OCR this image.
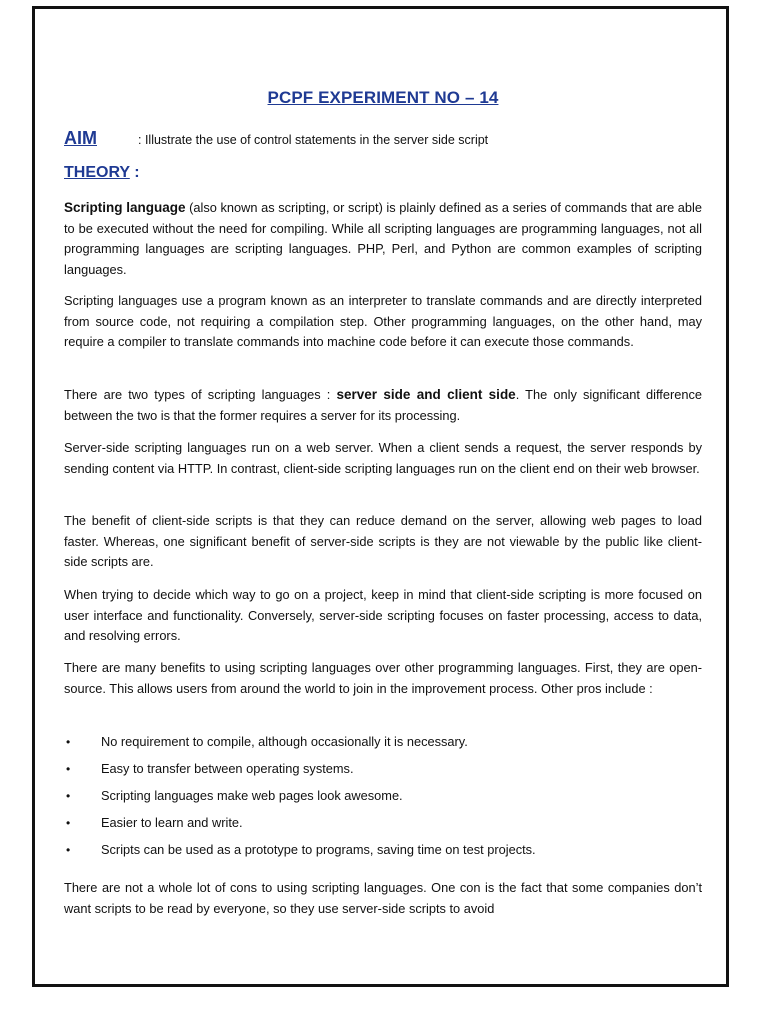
PCPF EXPERIMENT NO – 14
AIM	: Illustrate the use of control statements in the server side script
THEORY :

Scripting language (also known as scripting, or script) is plainly defined as a series of commands that are able to be executed without the need for compiling. While all scripting languages are programming languages, not all programming languages are scripting languages. PHP, Perl, and Python are common examples of scripting languages.

Scripting languages use a program known as an interpreter to translate commands and are directly interpreted from source code, not requiring a compilation step. Other programming languages, on the other hand, may require a compiler to translate commands into machine code before it can execute those commands.

There are two types of scripting languages : server side and client side. The only significant difference between the two is that the former requires a server for its processing.

Server-side scripting languages run on a web server. When a client sends a request, the server responds by sending content via HTTP. In contrast, client-side scripting languages run on the client end on their web browser.

The benefit of client-side scripts is that they can reduce demand on the server, allowing web pages to load faster. Whereas, one significant benefit of server-side scripts is they are not viewable by the public like client-side scripts are.

When trying to decide which way to go on a project, keep in mind that client-side scripting is more focused on user interface and functionality. Conversely, server-side scripting focuses on faster processing, access to data, and resolving errors.

There are many benefits to using scripting languages over other programming languages. First, they are open-source. This allows users from around the world to join in the improvement process. Other pros include :

• No requirement to compile, although occasionally it is necessary.
• Easy to transfer between operating systems.
• Scripting languages make web pages look awesome.
• Easier to learn and write.
• Scripts can be used as a prototype to programs, saving time on test projects.

There are not a whole lot of cons to using scripting languages. One con is the fact that some companies don’t want scripts to be read by everyone, so they use server-side scripts to avoid
